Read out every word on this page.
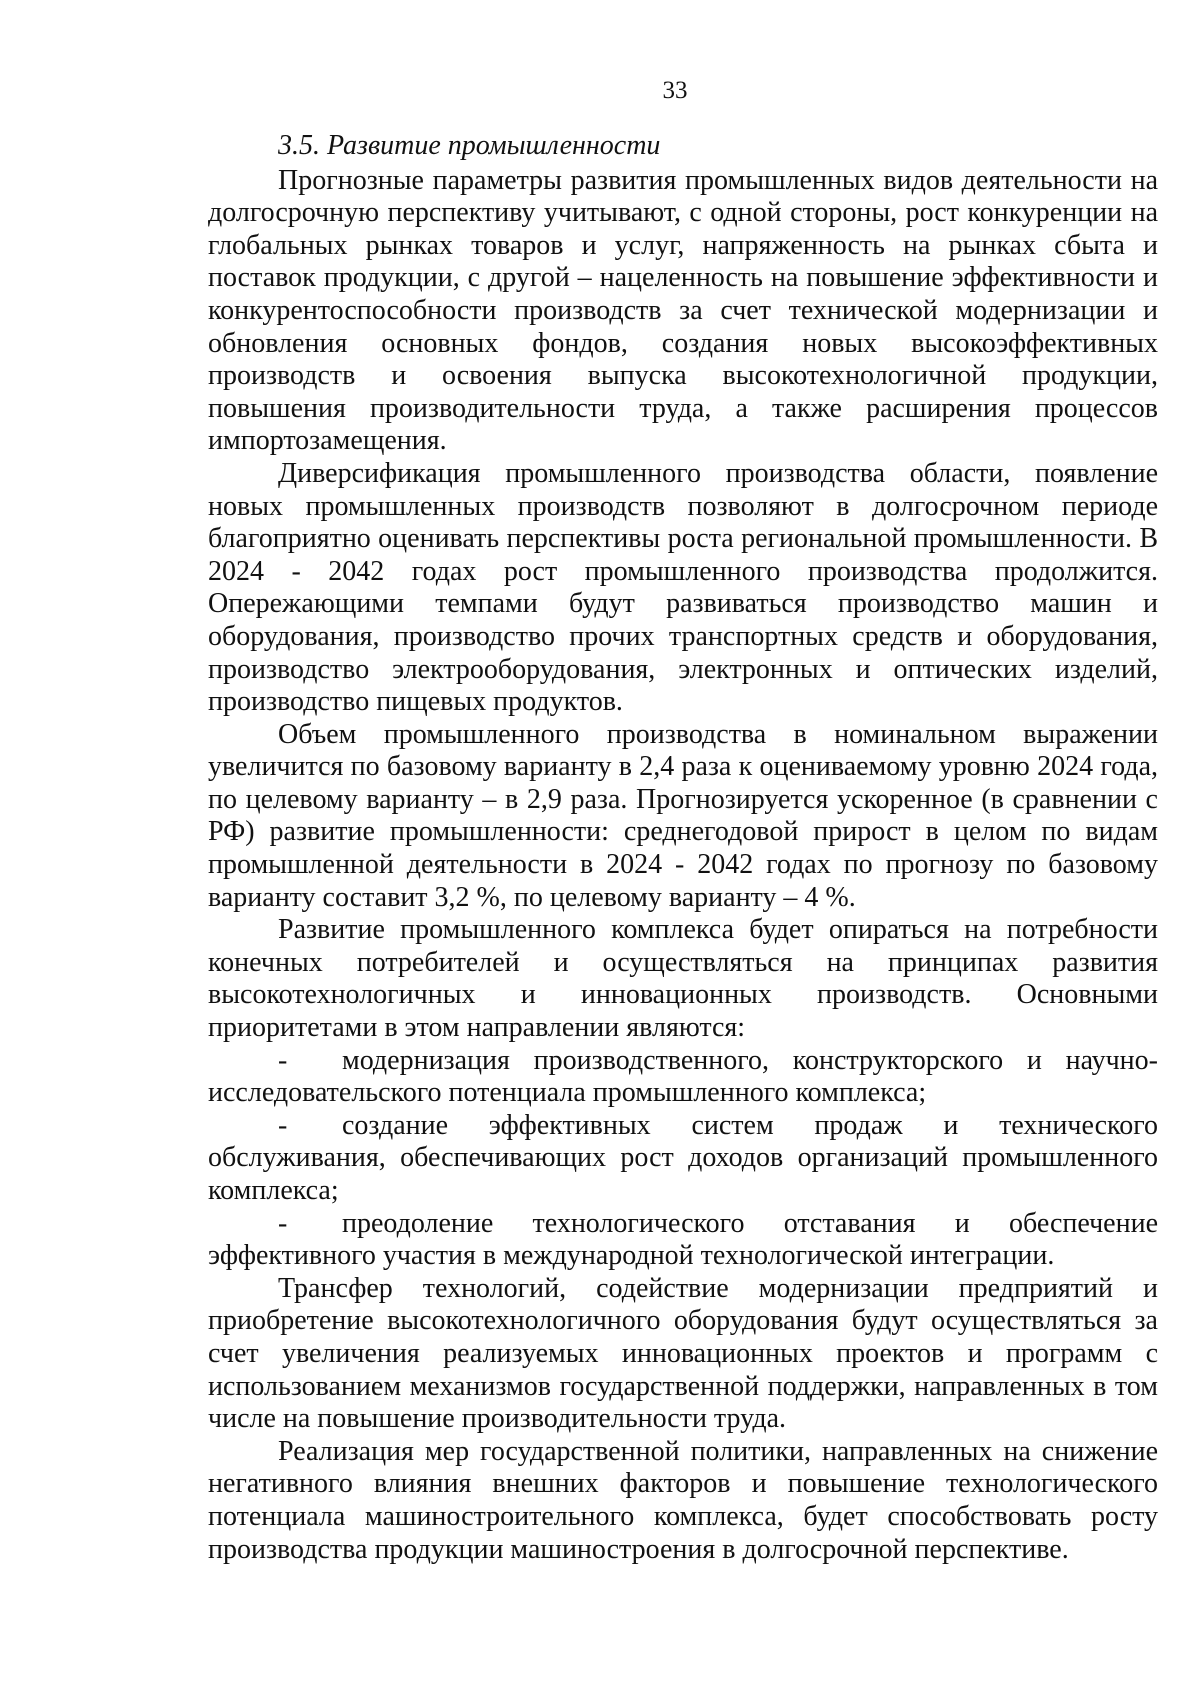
33
3.5. Развитие промышленности

Прогнозные параметры развития промышленных видов деятельности на долгосрочную перспективу учитывают, с одной стороны, рост конкуренции на глобальных рынках товаров и услуг, напряженность на рынках сбыта и поставок продукции, с другой – нацеленность на повышение эффективности и конкурентоспособности производств за счет технической модернизации и обновления основных фондов, создания новых высокоэффективных производств и освоения выпуска высокотехнологичной продукции, повышения производительности труда, а также расширения процессов импортозамещения.

Диверсификация промышленного производства области, появление новых промышленных производств позволяют в долгосрочном периоде благоприятно оценивать перспективы роста региональной промышленности. В 2024 - 2042 годах рост промышленного производства продолжится. Опережающими темпами будут развиваться производство машин и оборудования, производство прочих транспортных средств и оборудования, производство электрооборудования, электронных и оптических изделий, производство пищевых продуктов.

Объем промышленного производства в номинальном выражении увеличится по базовому варианту в 2,4 раза к оцениваемому уровню 2024 года, по целевому варианту – в 2,9 раза. Прогнозируется ускоренное (в сравнении с РФ) развитие промышленности: среднегодовой прирост в целом по видам промышленной деятельности в 2024 - 2042 годах по прогнозу по базовому варианту составит 3,2 %, по целевому варианту – 4 %.

Развитие промышленного комплекса будет опираться на потребности конечных потребителей и осуществляться на принципах развития высокотехнологичных и инновационных производств. Основными приоритетами в этом направлении являются:

- модернизация производственного, конструкторского и научно-исследовательского потенциала промышленного комплекса;

- создание эффективных систем продаж и технического обслуживания, обеспечивающих рост доходов организаций промышленного комплекса;

- преодоление технологического отставания и обеспечение эффективного участия в международной технологической интеграции.

Трансфер технологий, содействие модернизации предприятий и приобретение высокотехнологичного оборудования будут осуществляться за счет увеличения реализуемых инновационных проектов и программ с использованием механизмов государственной поддержки, направленных в том числе на повышение производительности труда.

Реализация мер государственной политики, направленных на снижение негативного влияния внешних факторов и повышение технологического потенциала машиностроительного комплекса, будет способствовать росту производства продукции машиностроения в долгосрочной перспективе.
